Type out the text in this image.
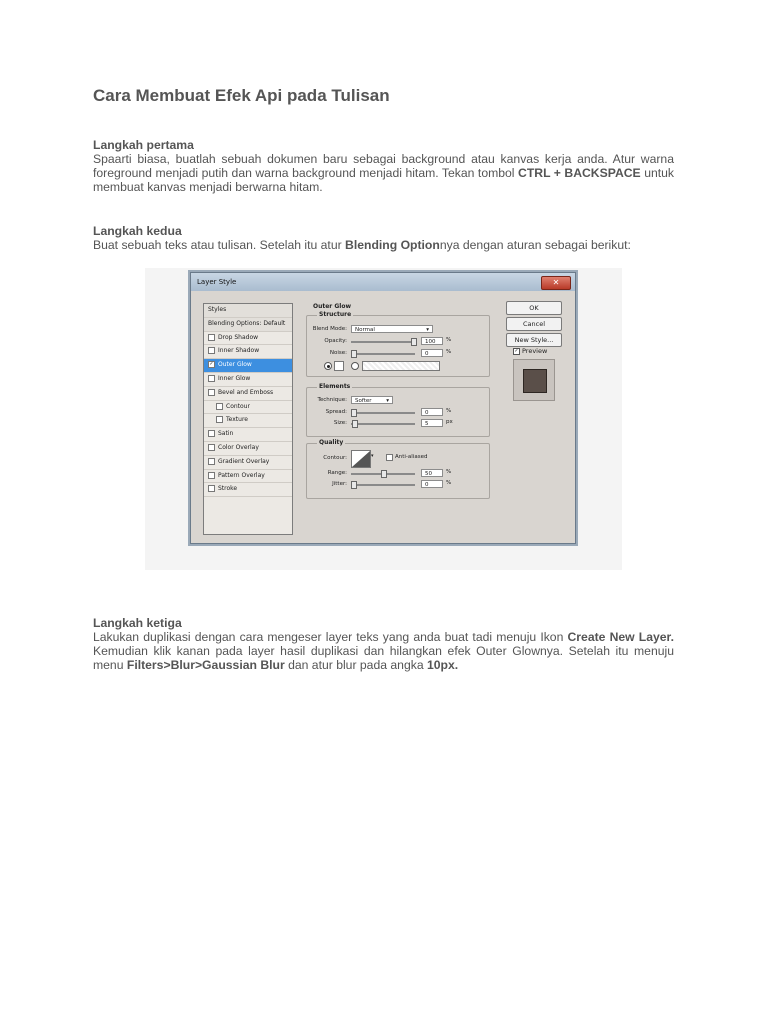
Cara Membuat Efek Api pada Tulisan
Langkah pertama

Spaarti biasa, buatlah sebuah dokumen baru sebagai background atau kanvas kerja anda. Atur warna foreground menjadi putih dan warna background menjadi hitam. Tekan tombol CTRL + BACKSPACE untuk membuat kanvas menjadi berwarna hitam.

Langkah kedua

Buat sebuah teks atau tulisan. Setelah itu atur Blending Optionnya dengan aturan sebagai berikut:

Layer Style	✕
Styles
Blending Options: Default
Drop Shadow
Inner Shadow
✓ Outer Glow
Inner Glow
Bevel and Emboss
Contour
Texture
Satin
Color Overlay
Gradient Overlay
Pattern Overlay
Stroke
Outer Glow
Structure
Blend Mode:	Normal	▾
Opacity:	100	%
Noise:	0	%
Elements
Technique:	Softer	▾
Spread:	0	%
Size:	5	px
Quality
Contour:	▾	Anti-aliased
Range:	50	%
Jitter:	0	%
OK
Cancel
New Style...
✓ Preview
Langkah ketiga

Lakukan duplikasi dengan cara mengeser layer teks yang anda buat tadi menuju Ikon Create New Layer. Kemudian klik kanan pada layer hasil duplikasi dan hilangkan efek Outer Glownya. Setelah itu menuju menu Filters>Blur>Gaussian Blur dan atur blur pada angka 10px.
